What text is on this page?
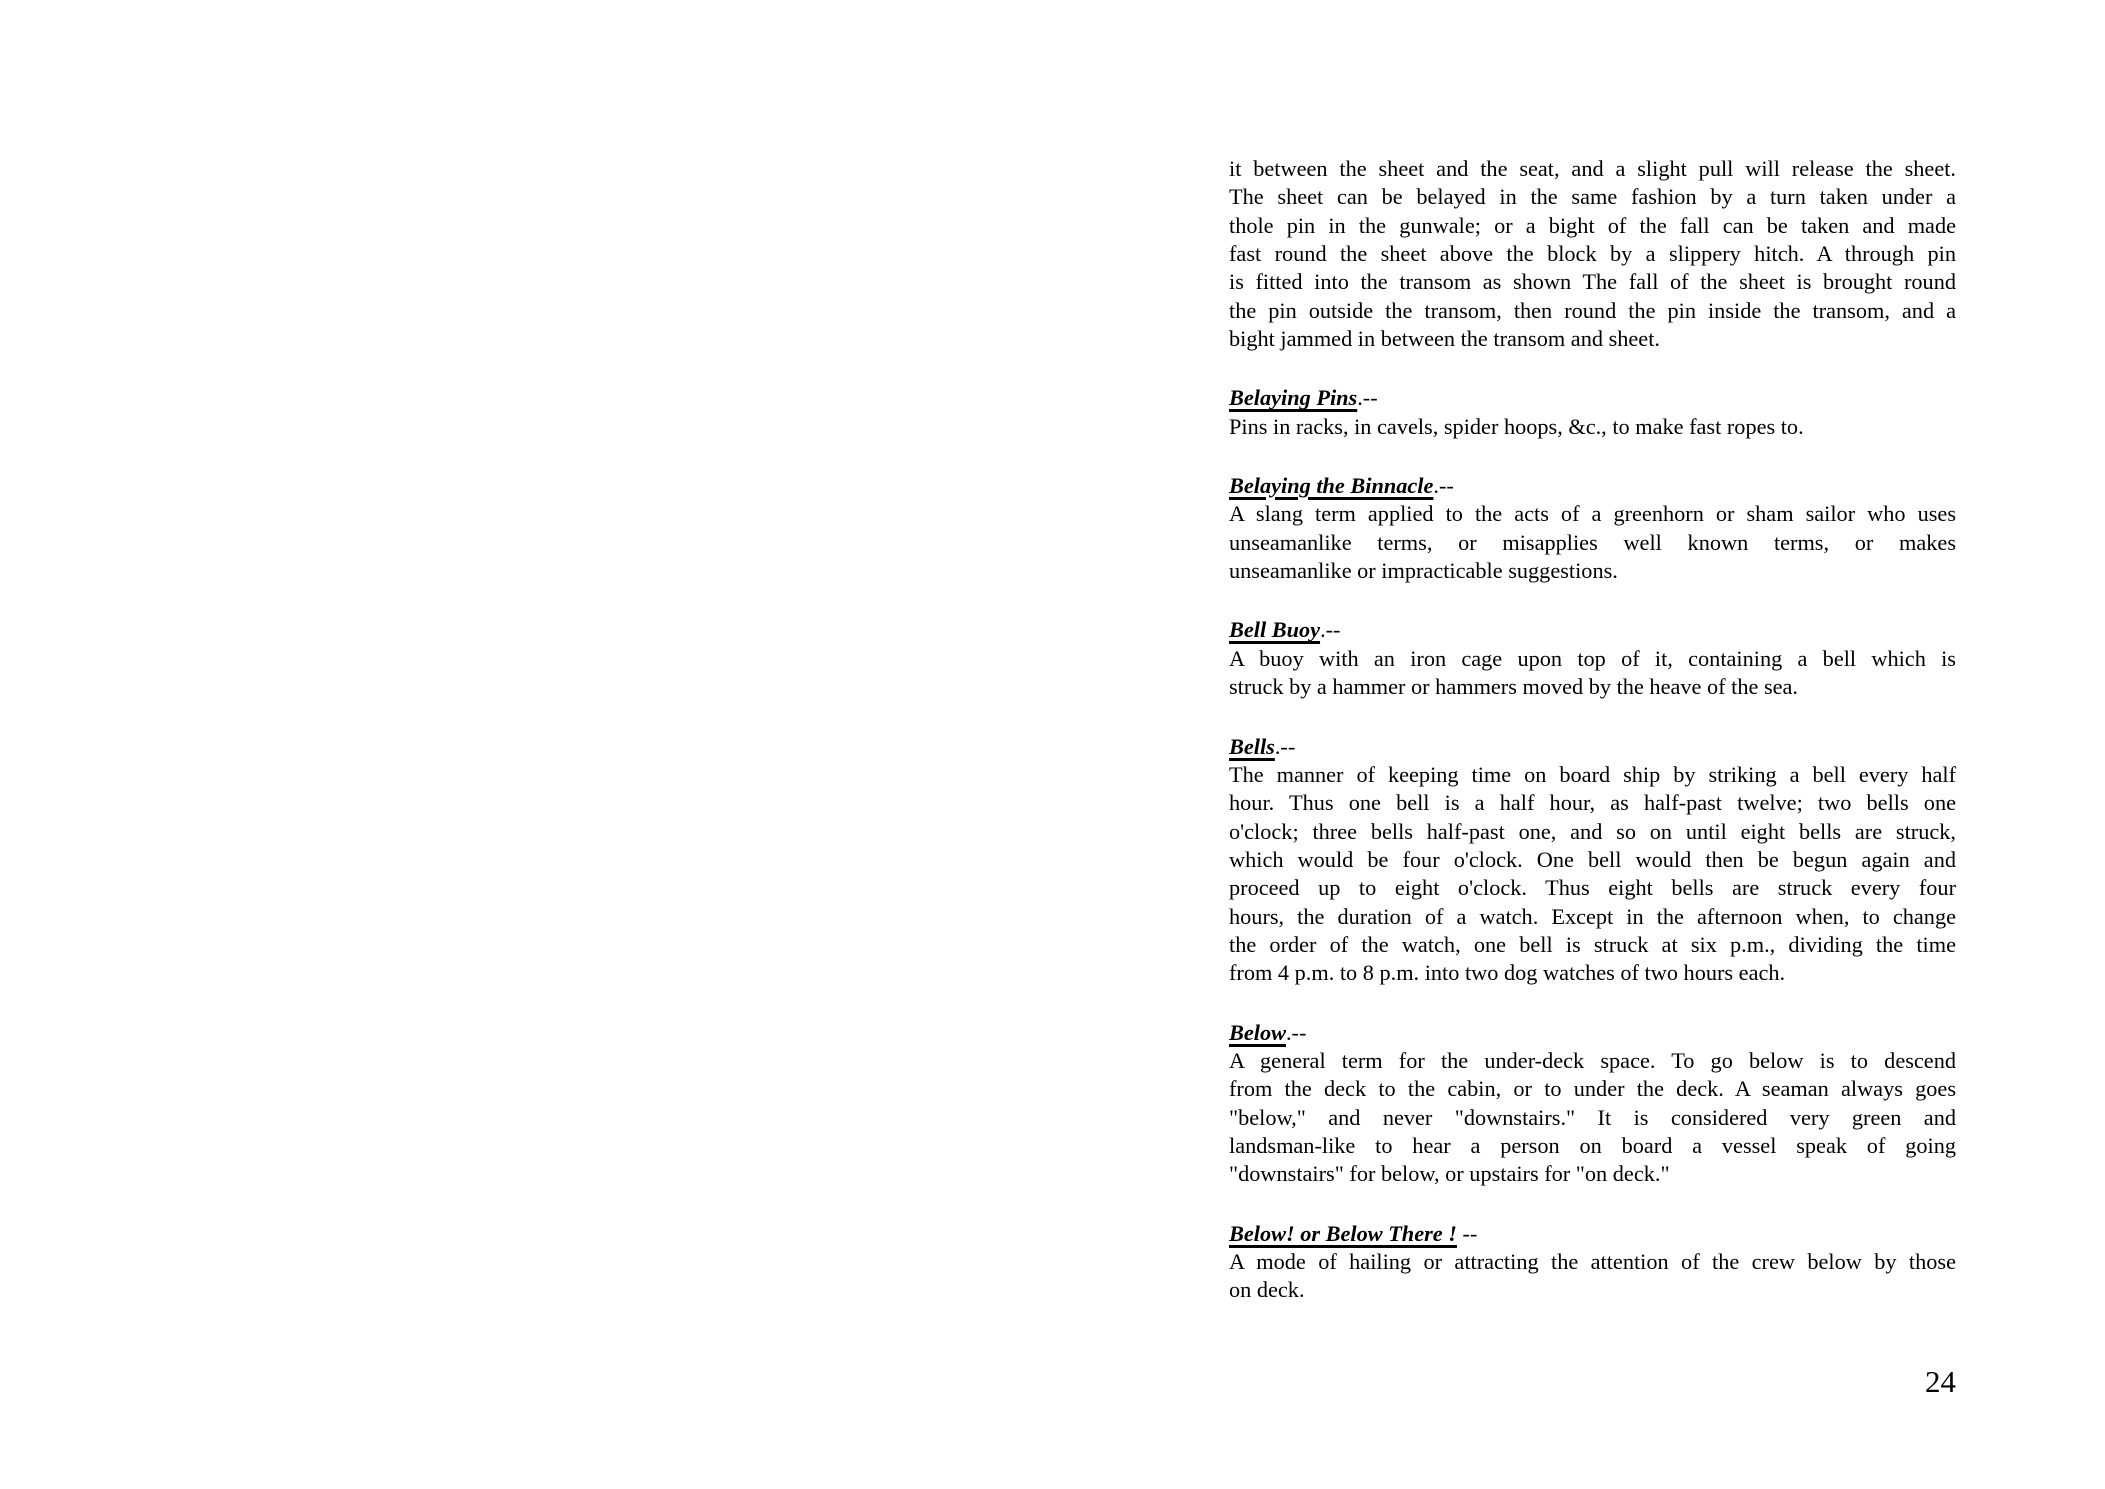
it between the sheet and the seat, and a slight pull will release the sheet.
The sheet can be belayed in the same fashion by a turn taken under a
thole pin in the gunwale; or a bight of the fall can be taken and made
fast round the sheet above the block by a slippery hitch. A through pin
is fitted into the transom as shown The fall of the sheet is brought round
the pin outside the transom, then round the pin inside the transom, and a
bight jammed in between the transom and sheet.
Belaying Pins.--
Pins in racks, in cavels, spider hoops, &c., to make fast ropes to.
Belaying the Binnacle.--
A slang term applied to the acts of a greenhorn or sham sailor who uses
unseamanlike terms, or misapplies well known terms, or makes
unseamanlike or impracticable suggestions.
Bell Buoy.--
A buoy with an iron cage upon top of it, containing a bell which is
struck by a hammer or hammers moved by the heave of the sea.
Bells.--
The manner of keeping time on board ship by striking a bell every half
hour. Thus one bell is a half hour, as half-past twelve; two bells one
o'clock; three bells half-past one, and so on until eight bells are struck,
which would be four o'clock. One bell would then be begun again and
proceed up to eight o'clock. Thus eight bells are struck every four
hours, the duration of a watch. Except in the afternoon when, to change
the order of the watch, one bell is struck at six p.m., dividing the time
from 4 p.m. to 8 p.m. into two dog watches of two hours each.
Below.--
A general term for the under-deck space. To go below is to descend
from the deck to the cabin, or to under the deck. A seaman always goes
"below," and never "downstairs." It is considered very green and
landsman-like to hear a person on board a vessel speak of going
"downstairs" for below, or upstairs for "on deck."
Below! or Below There ! --
A mode of hailing or attracting the attention of the crew below by those
on deck.
24
